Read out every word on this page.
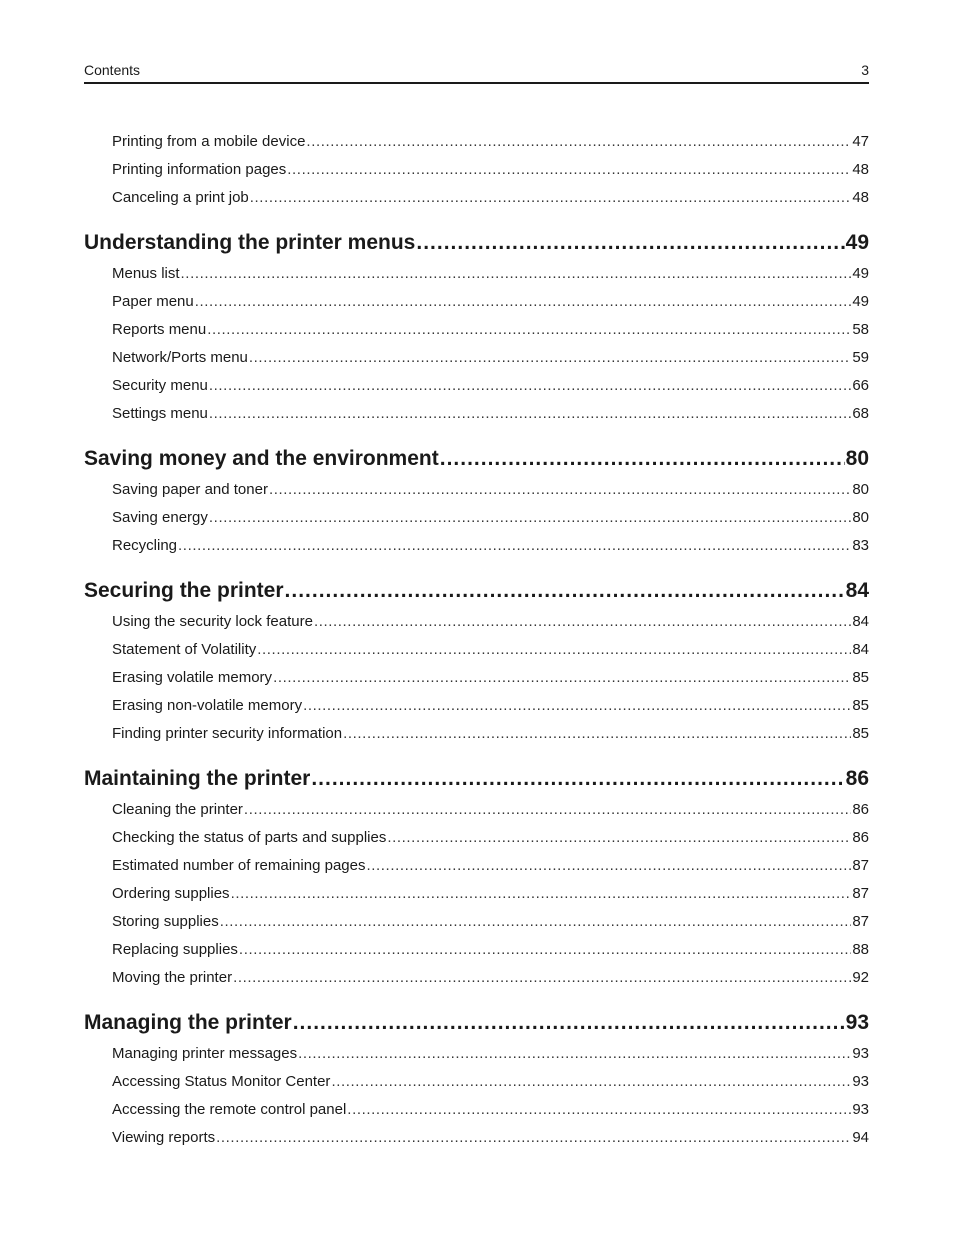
Contents	3
Printing from a mobile device .....	47
Printing information pages .....	48
Canceling a print job .....	48
Understanding the printer menus .....	49
Menus list .....	49
Paper menu .....	49
Reports menu .....	58
Network/Ports menu .....	59
Security menu .....	66
Settings menu .....	68
Saving money and the environment .....	80
Saving paper and toner .....	80
Saving energy .....	80
Recycling .....	83
Securing the printer .....	84
Using the security lock feature .....	84
Statement of Volatility .....	84
Erasing volatile memory .....	85
Erasing non-volatile memory .....	85
Finding printer security information .....	85
Maintaining the printer .....	86
Cleaning the printer .....	86
Checking the status of parts and supplies .....	86
Estimated number of remaining pages .....	87
Ordering supplies .....	87
Storing supplies .....	87
Replacing supplies .....	88
Moving the printer .....	92
Managing the printer .....	93
Managing printer messages .....	93
Accessing Status Monitor Center .....	93
Accessing the remote control panel .....	93
Viewing reports .....	94
